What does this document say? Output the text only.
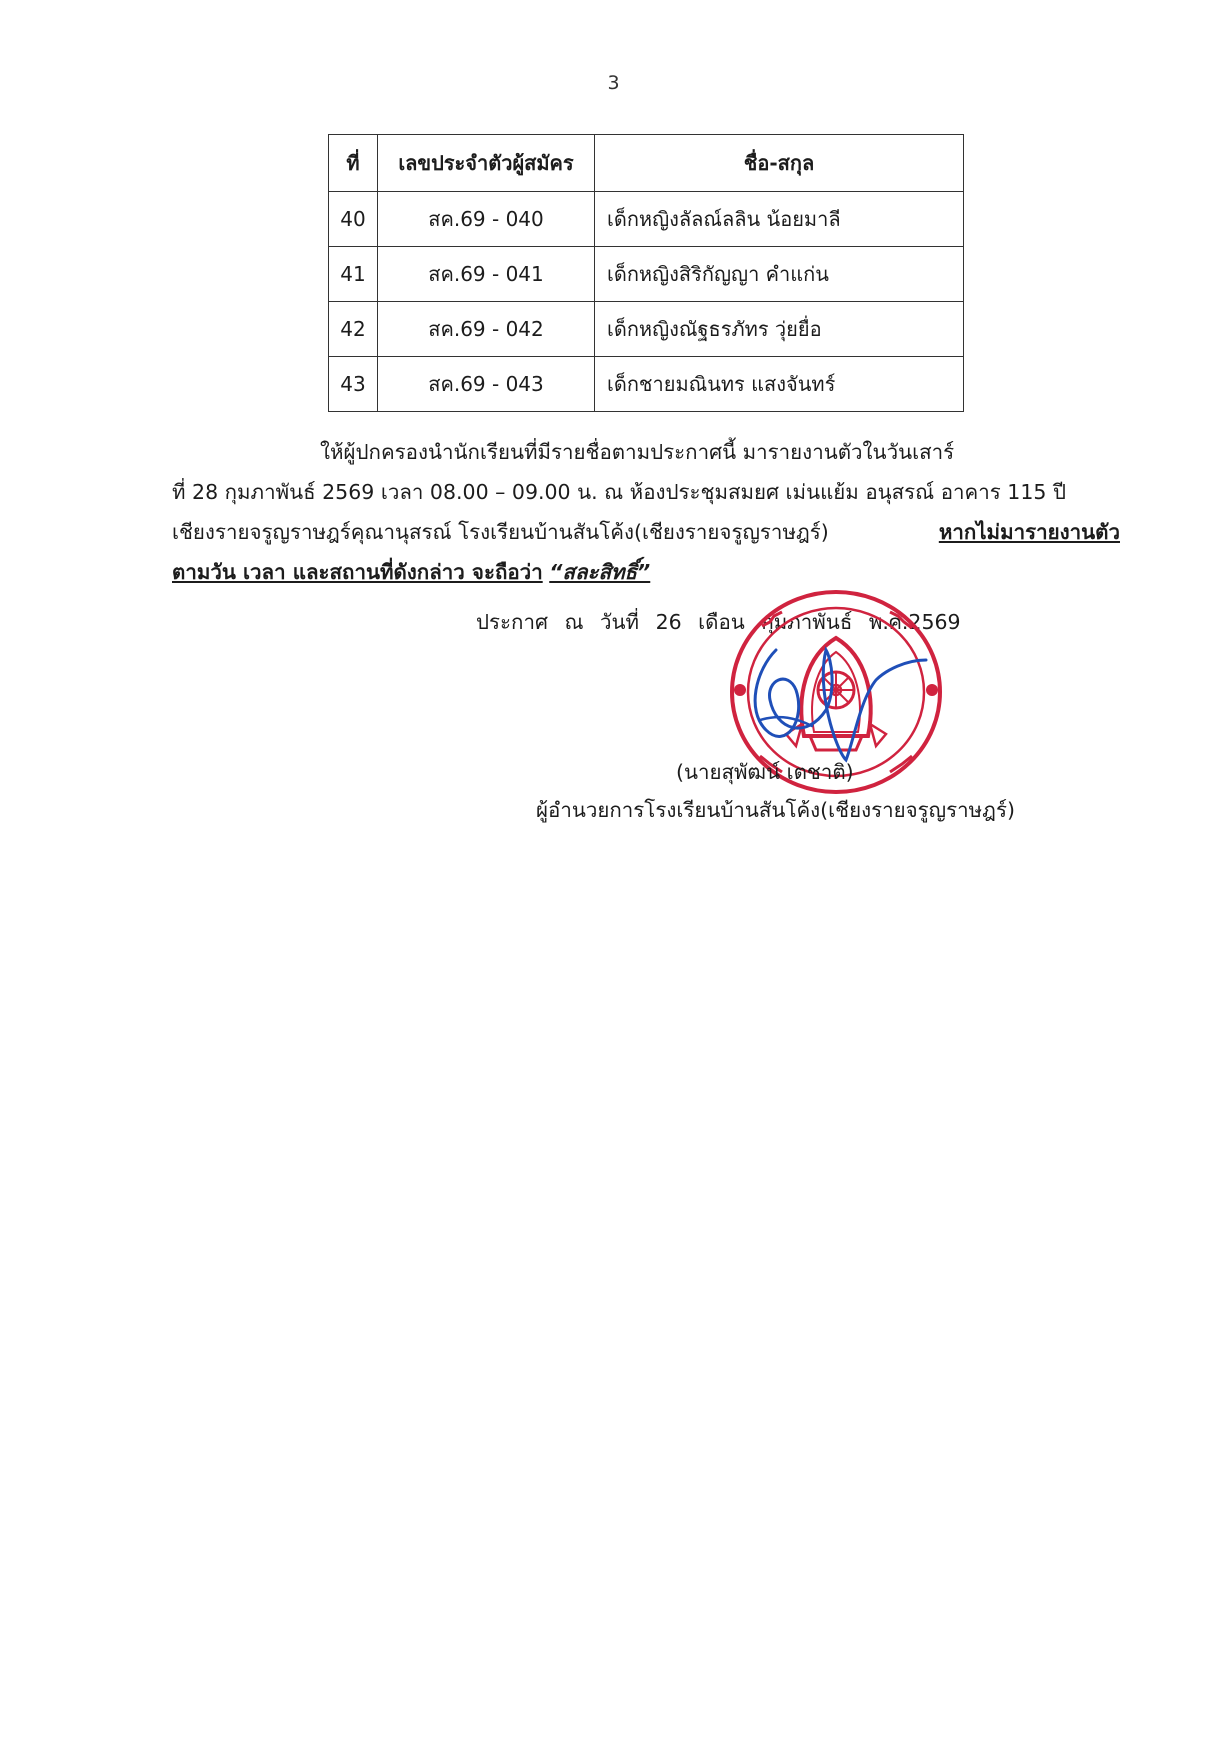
3
ที่	เลขประจำตัวผู้สมัคร	ชื่อ-สกุล
40	สค.69 - 040	เด็กหญิงลัลณ์ลลิน น้อยมาลี
41	สค.69 - 041	เด็กหญิงสิริกัญญา คำแก่น
42	สค.69 - 042	เด็กหญิงณัฐธรภัทร วุ่ยยื่อ
43	สค.69 - 043	เด็กชายมณินทร แสงจันทร์
ให้ผู้ปกครองนำนักเรียนที่มีรายชื่อตามประกาศนี้ มารายงานตัวในวันเสาร์
ที่ 28 กุมภาพันธ์ 2569 เวลา 08.00 – 09.00 น. ณ ห้องประชุมสมยศ เม่นแย้ม อนุสรณ์ อาคาร 115 ปี
เชียงรายจรูญราษฎร์คุณานุสรณ์ โรงเรียนบ้านสันโค้ง(เชียงรายจรูญราษฎร์)	หากไม่มารายงานตัว
ตามวัน เวลา และสถานที่ดังกล่าว จะถือว่า “สละสิทธิ์”
ประกาศ ณ วันที่ 26 เดือน กุมภาพันธ์ พ.ศ.2569
(นายสุพัฒน์ เตชาติ)
ผู้อำนวยการโรงเรียนบ้านสันโค้ง(เชียงรายจรูญราษฎร์)
